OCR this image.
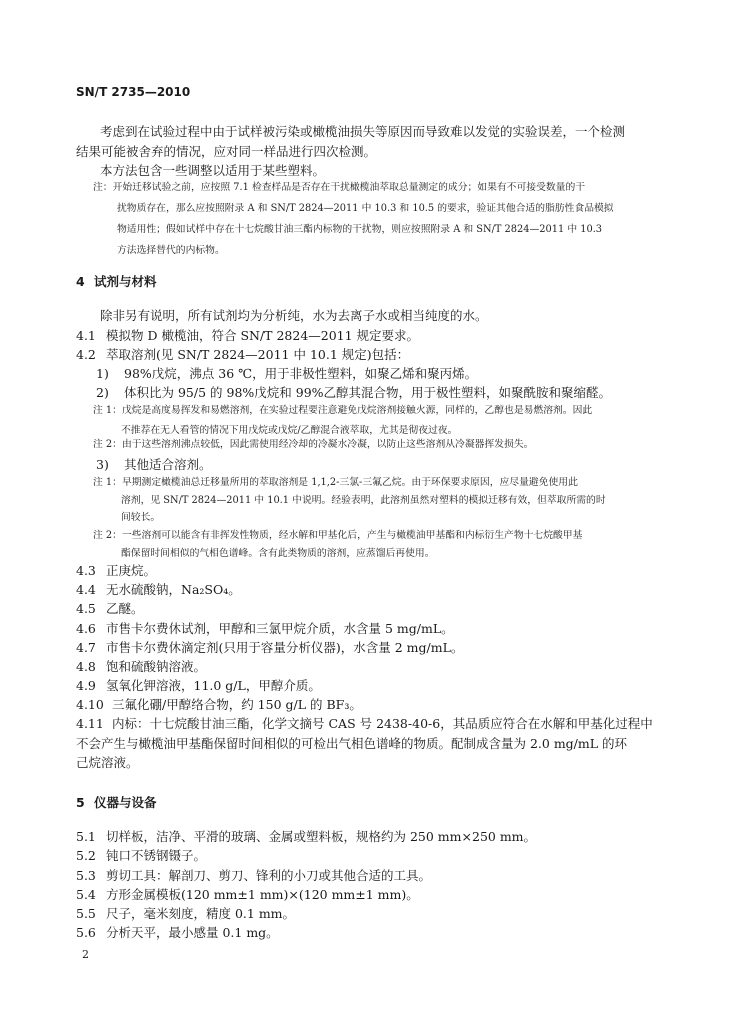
SN/T 2735—2010
考虑到在试验过程中由于试样被污染或橄榄油损失等原因而导致难以发觉的实验误差，一个检测
结果可能被舍弃的情况，应对同一样品进行四次检测。
本方法包含一些调整以适用于某些塑料。
注：开始迁移试验之前，应按照 7.1 检查样品是否存在干扰橄榄油萃取总量测定的成分；如果有不可接受数量的干
扰物质存在，那么应按照附录 A 和 SN/T 2824—2011 中 10.3 和 10.5 的要求，验证其他合适的脂肪性食品模拟
物适用性；假如试样中存在十七烷酸甘油三酯内标物的干扰物，则应按照附录 A 和 SN/T 2824—2011 中 10.3
方法选择替代的内标物。
4 试剂与材料
除非另有说明，所有试剂均为分析纯，水为去离子水或相当纯度的水。
4.1 模拟物 D 橄榄油，符合 SN/T 2824—2011 规定要求。
4.2 萃取溶剂(见 SN/T 2824—2011 中 10.1 规定)包括：
1) 98%戊烷，沸点 36 ℃，用于非极性塑料，如聚乙烯和聚丙烯。
2) 体积比为 95/5 的 98%戊烷和 99%乙醇其混合物，用于极性塑料，如聚酰胺和聚缩醛。
注 1：戊烷是高度易挥发和易燃溶剂，在实验过程要注意避免戊烷溶剂接触火源，同样的，乙醇也是易燃溶剂。因此
不推荐在无人看管的情况下用戊烷或戊烷/乙醇混合液萃取，尤其是彻夜过夜。
注 2：由于这些溶剂沸点较低，因此需使用经冷却的冷凝水冷凝，以防止这些溶剂从冷凝器挥发损失。
3) 其他适合溶剂。
注 1：早期测定橄榄油总迁移量所用的萃取溶剂是 1,1,2-三氯-三氟乙烷。由于环保要求原因，应尽量避免使用此
溶剂，见 SN/T 2824—2011 中 10.1 中说明。经验表明，此溶剂虽然对塑料的模拟迁移有效，但萃取所需的时
间较长。
注 2：一些溶剂可以能含有非挥发性物质，经水解和甲基化后，产生与橄榄油甲基酯和内标衍生产物十七烷酸甲基
酯保留时间相似的气相色谱峰。含有此类物质的溶剂，应蒸馏后再使用。
4.3 正庚烷。
4.4 无水硫酸钠，Na₂SO₄。
4.5 乙醚。
4.6 市售卡尔费休试剂，甲醇和三氯甲烷介质，水含量 5 mg/mL。
4.7 市售卡尔费休滴定剂(只用于容量分析仪器)，水含量 2 mg/mL。
4.8 饱和硫酸钠溶液。
4.9 氢氧化钾溶液，11.0 g/L，甲醇介质。
4.10 三氟化硼/甲醇络合物，约 150 g/L 的 BF₃。
4.11 内标：十七烷酸甘油三酯，化学文摘号 CAS 号 2438-40-6，其品质应符合在水解和甲基化过程中
不会产生与橄榄油甲基酯保留时间相似的可检出气相色谱峰的物质。配制成含量为 2.0 mg/mL 的环
己烷溶液。
5 仪器与设备
5.1 切样板，洁净、平滑的玻璃、金属或塑料板，规格约为 250 mm×250 mm。
5.2 钝口不锈钢镊子。
5.3 剪切工具：解剖刀、剪刀、锋利的小刀或其他合适的工具。
5.4 方形金属模板(120 mm±1 mm)×(120 mm±1 mm)。
5.5 尺子，毫米刻度，精度 0.1 mm。
5.6 分析天平，最小感量 0.1 mg。
2
